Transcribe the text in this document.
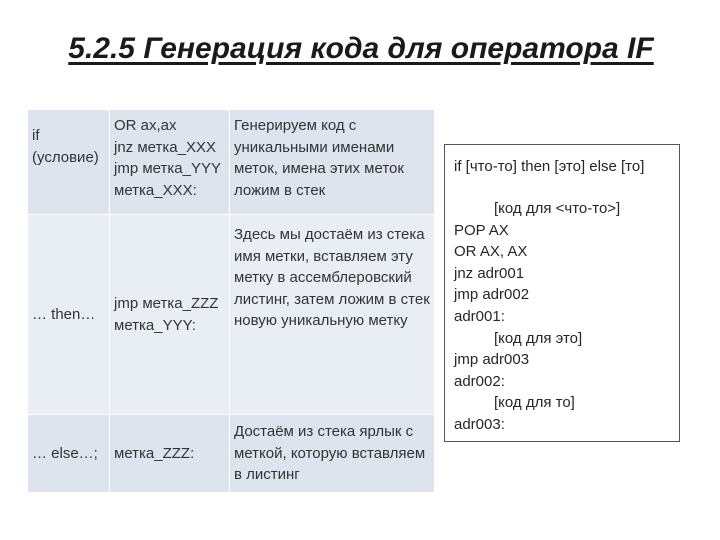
5.2.5 Генерация кода для оператора IF
if
(условие)
OR ax,ax
jnz метка_XXX
jmp метка_YYY
метка_XXX:
Генерируем код с уникальными именами меток, имена этих меток ложим в стек
… then…
jmp метка_ZZZ
метка_YYY:
Здесь мы достаём из стека имя метки, вставляем эту метку в ассемблеровский листинг, затем ложим в стек новую уникальную метку
… else…;	метка_ZZZ:
Достаём из стека ярлык с меткой, которую вставляем в листинг
if [что-то] then [это] else [то]
[код для <что-то>]
POP AX
OR AX, AX
jnz adr001
jmp adr002
adr001:
[код для это]
jmp adr003
adr002:
[код для то]
adr003:
